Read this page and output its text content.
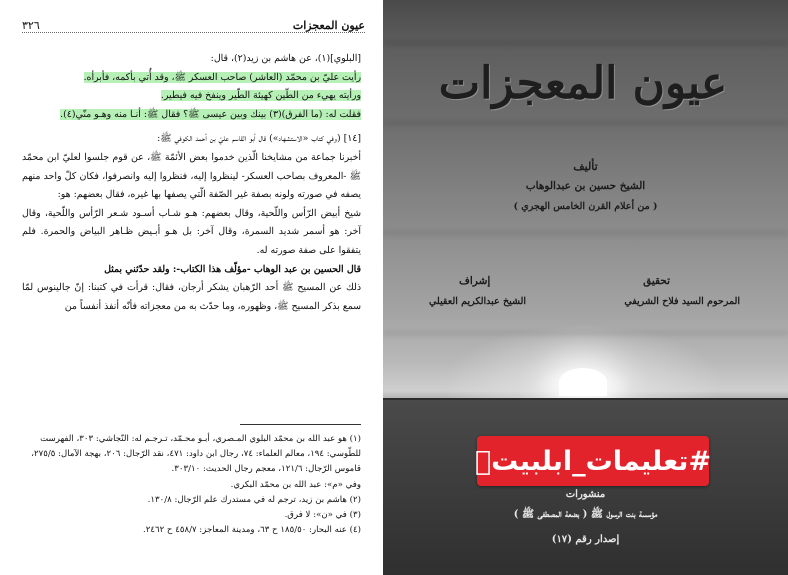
٣٢٦	عيون المعجزات

[البلوي](١)، عن هاشم بن زيد(٢)، قال:

رأيت عليّ بن محمّد (العاشر) صاحب العسكر ﷺ، وقد أُتي بأكمه، فأبرأه.

ورأيته يهيء من الطّين كهيئة الطّير وينفخ فيه فيطير.

فقلت له: (ما الفرق)(٣) بينك وبين عيسى ﷺ؟ فقال ﷺ: أنـا منه وهـو منّي(٤).

[١٤] (وفي كتاب «الاستشهاد») قال أبو القاسم عليّ بن أحمد الكوفي ﷺ:

أخبرنا جماعة من مشايخنا الّذين خدموا بعض الأئمّة ﷺ، عن قوم جلسوا لعليّ ابن محمّد ﷺ -المعروف بصاحب العسكر- لينظروا إليه، فنظروا إليه وانصرفوا، فكان كلّ واحد منهم يصفه في صورته ولونه بصفة غير الصّفة الّتي يصفها بها غيره، فقال بعضهم: هو:

شيخ أبيض الرّأس واللّحية، وقال بعضهم: هـو شـاب أسـود شـعر الرّأس واللّحية، وقال آخر: هو أسمر شديد السمرة، وقال آخر: بل هـو أبـيض ظـاهر البياض والحمرة. فلم يتفقوا على صفة صورته له.

قال الحسين بن عبد الوهاب -مؤلّف هذا الكتاب-: ولقد حدّثني بمثل

ذلك عن المسيح ﷺ أحد الرّهبان يشكر أرجان، فقال: قرأت في كتبنا: إنّ جالينوس لمّا سمع بذكر المسيح ﷺ، وظهوره، وما حدّث به من معجزاته فأنّه أنفذ أنفساً من

(١) هو عبد الله بن محمّد البلوي المـصري، أبـو محـمّد، تـرجـم له: النّجاشي: ٣٠٣، الفهرست للطّوسي: ١٩٤، معالم العلماء: ٧٤، رجال ابن داود: ٤٧١، نقد الرّجال: ٢٠٦، بهجة الآمال: ٢٧٥/٥، قاموس الرّجال: ١٢١/٦، معجم رجال الحديث: ٣٠٣/١٠.

وفي «م»: عبد الله بن محمّد البكري.

(٢) هاشم بن زيد، ترجم له في مستدرك علم الرّجال: ١٣٠/٨.

(٣) في «ن»: لا فرق.

(٤) عنه البحار: ١٨٥/٥٠ ح ٦٣، ومدينة المعاجز: ٤٥٨/٧ ح ٢٤٦٢.

عيون المعجزات
تأليف
الشيخ حسين بن عبدالوهاب
( من أعلام القرن الخامس الهجري )
تحقيق
المرحوم السيد فلاح الشريفي
إشراف
الشيخ عبدالكريم العقيلي
#تعليمات_ابلبيتؑ
منشورات
مؤسسة بنت الرسول ﷺ ( بضعة المصطفى ﷺ )
إصدار رقم (١٧)
